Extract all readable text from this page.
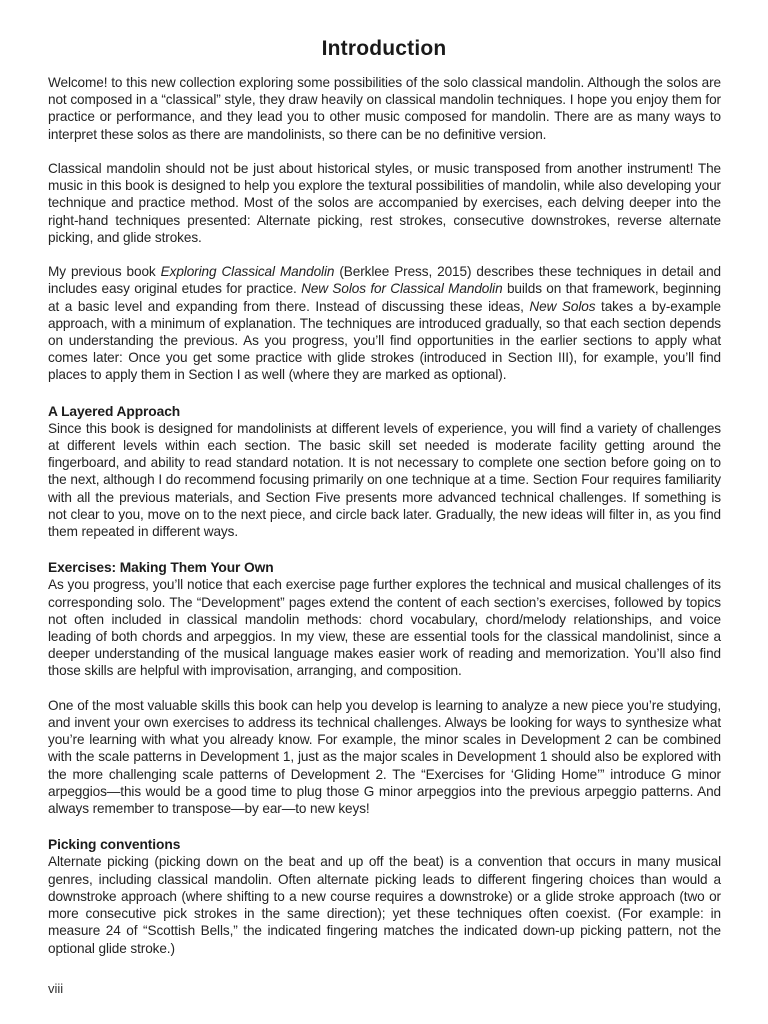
Introduction

Welcome! to this new collection exploring some possibilities of the solo classical mandolin. Although the solos are not composed in a “classical” style, they draw heavily on classical mandolin techniques. I hope you enjoy them for practice or performance, and they lead you to other music composed for mandolin. There are as many ways to interpret these solos as there are mandolinists, so there can be no definitive version.

Classical mandolin should not be just about historical styles, or music transposed from another instrument! The music in this book is designed to help you explore the textural possibilities of mandolin, while also developing your technique and practice method. Most of the solos are accompanied by exercises, each delving deeper into the right-hand techniques presented: Alternate picking, rest strokes, consecutive downstrokes, reverse alternate picking, and glide strokes.

My previous book Exploring Classical Mandolin (Berklee Press, 2015) describes these techniques in detail and includes easy original etudes for practice. New Solos for Classical Mandolin builds on that framework, beginning at a basic level and expanding from there. Instead of discussing these ideas, New Solos takes a by-example approach, with a minimum of explanation. The techniques are introduced gradually, so that each section depends on understanding the previous. As you progress, you’ll find opportunities in the earlier sections to apply what comes later: Once you get some practice with glide strokes (introduced in Section III), for example, you’ll find places to apply them in Section I as well (where they are marked as optional).

A Layered Approach

Since this book is designed for mandolinists at different levels of experience, you will find a variety of challenges at different levels within each section. The basic skill set needed is moderate facility getting around the fingerboard, and ability to read standard notation. It is not necessary to complete one section before going on to the next, although I do recommend focusing primarily on one technique at a time. Section Four requires familiarity with all the previous materials, and Section Five presents more advanced technical challenges. If something is not clear to you, move on to the next piece, and circle back later. Gradually, the new ideas will filter in, as you find them repeated in different ways.

Exercises: Making Them Your Own

As you progress, you’ll notice that each exercise page further explores the technical and musical challenges of its corresponding solo. The “Development” pages extend the content of each section’s exercises, followed by topics not often included in classical mandolin methods: chord vocabulary, chord/melody relationships, and voice leading of both chords and arpeggios. In my view, these are essential tools for the classical mandolinist, since a deeper understanding of the musical language makes easier work of reading and memorization. You’ll also find those skills are helpful with improvisation, arranging, and composition.

One of the most valuable skills this book can help you develop is learning to analyze a new piece you’re studying, and invent your own exercises to address its technical challenges. Always be looking for ways to synthesize what you’re learning with what you already know. For example, the minor scales in Development 2 can be combined with the scale patterns in Development 1, just as the major scales in Development 1 should also be explored with the more challenging scale patterns of Development 2. The “Exercises for ‘Gliding Home’” introduce G minor arpeggios—this would be a good time to plug those G minor arpeggios into the previous arpeggio patterns. And always remember to transpose—by ear—to new keys!

Picking conventions

Alternate picking (picking down on the beat and up off the beat) is a convention that occurs in many musical genres, including classical mandolin. Often alternate picking leads to different fingering choices than would a downstroke approach (where shifting to a new course requires a downstroke) or a glide stroke approach (two or more consecutive pick strokes in the same direction); yet these techniques often coexist. (For example: in measure 24 of “Scottish Bells,” the indicated fingering matches the indicated down-up picking pattern, not the optional glide stroke.)

viii
